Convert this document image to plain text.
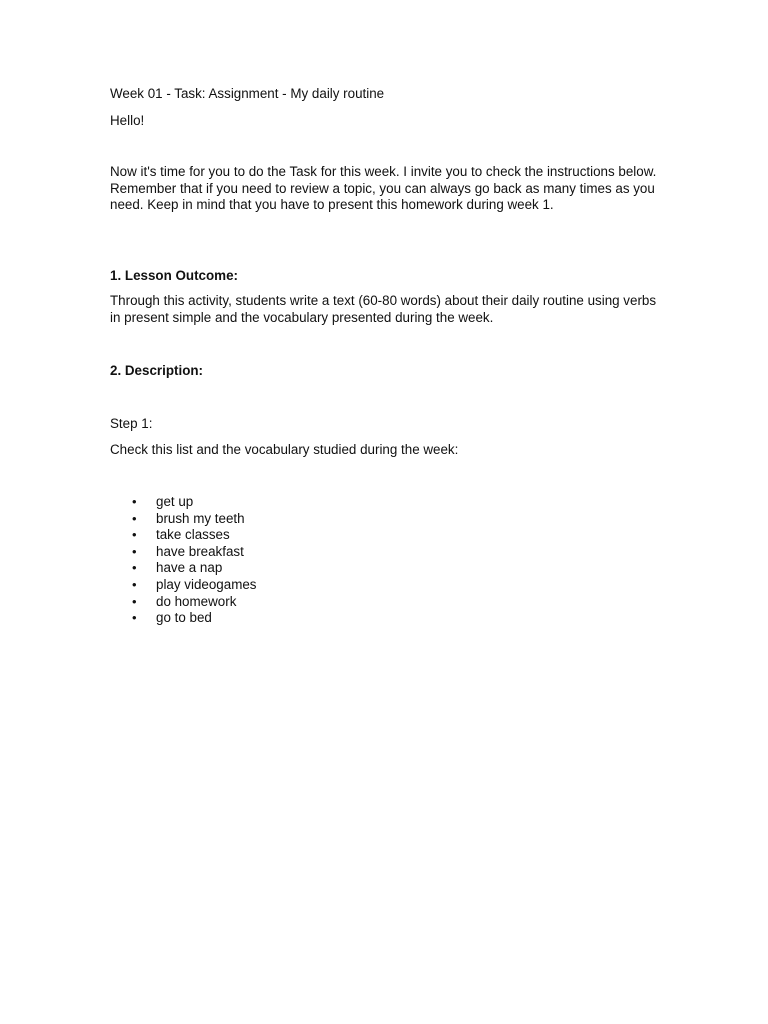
Week 01 - Task: Assignment - My daily routine
Hello!
Now it's time for you to do the Task for this week. I invite you to check the instructions below. Remember that if you need to review a topic, you can always go back as many times as you need. Keep in mind that you have to present this homework during week 1.
1. Lesson Outcome:
Through this activity, students write a text (60-80 words) about their daily routine using verbs in present simple and the vocabulary presented during the week.
2. Description:
Step 1:
Check this list and the vocabulary studied during the week:
• get up
• brush my teeth
• take classes
• have breakfast
• have a nap
• play videogames
• do homework
• go to bed
